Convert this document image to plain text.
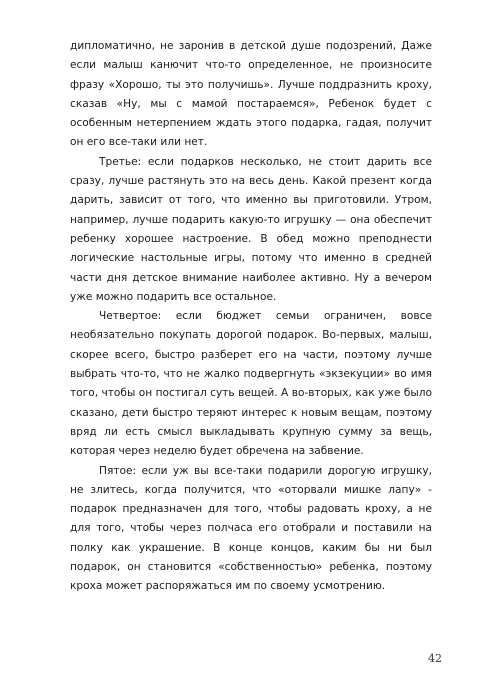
дипломатично, не заронив в детской душе подозрений, Даже если малыш канючит что-то определенное, не произносите фразу «Хорошо, ты это получишь». Лучше поддразнить кроху, сказав «Ну, мы с мамой постараемся», Ребенок будет с особенным нетерпением ждать этого подарка, гадая, получит он его все-таки или нет.

Третье: если подарков несколько, не стоит дарить все сразу, лучше растянуть это на весь день. Какой презент когда дарить, зависит от того, что именно вы приготовили. Утром, например, лучше подарить какую-то игрушку — она обеспечит ребенку хорошее настроение. В обед можно преподнести логические настольные игры, потому что именно в средней части дня детское внимание наиболее активно. Ну а вечером уже можно подарить все остальное.

Четвертое: если бюджет семьи ограничен, вовсе необязательно покупать дорогой подарок. Во-первых, малыш, скорее всего, быстро разберет его на части, поэтому лучше выбрать что-то, что не жалко подвергнуть «экзекуции» во имя того, чтобы он постигал суть вещей. А во-вторых, как уже было сказано, дети быстро теряют интерес к новым вещам, поэтому вряд ли есть смысл выкладывать крупную сумму за вещь, которая через неделю будет обречена на забвение.

Пятое: если уж вы все-таки подарили дорогую игрушку, не злитесь, когда получится, что «оторвали мишке лапу» - подарок предназначен для того, чтобы радовать кроху, а не для того, чтобы через полчаса его отобрали и поставили на полку как украшение. В конце концов, каким бы ни был подарок, он становится «собственностью» ребенка, поэтому кроха может распоряжаться им по своему усмотрению.

42
